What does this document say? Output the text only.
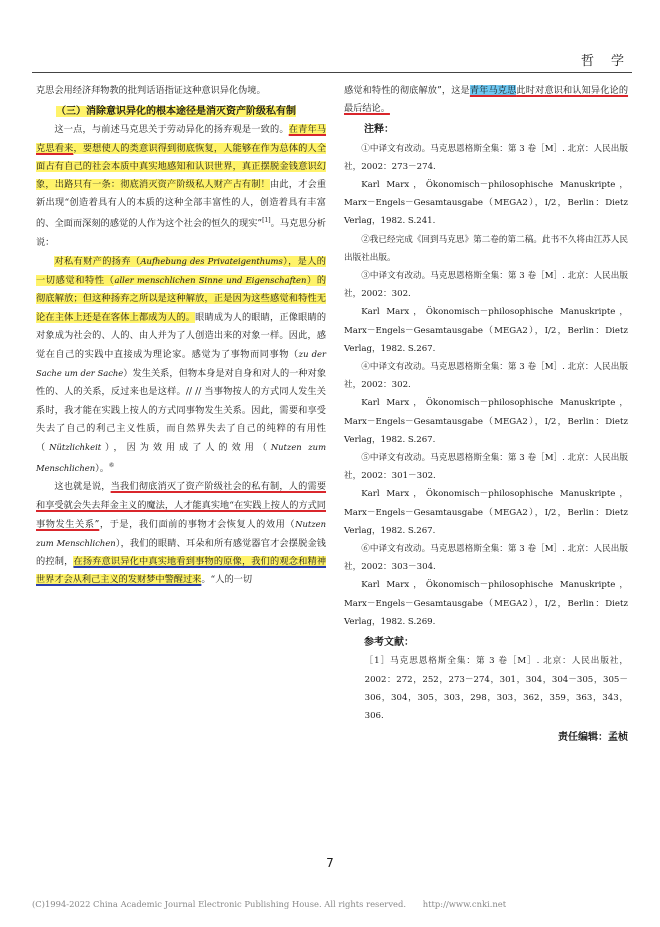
哲　学

克思会用经济拜物教的批判话语指证这种意识异化伪境。

（三）消除意识异化的根本途径是消灭资产阶级私有制

这一点，与前述马克思关于劳动异化的扬弃观是一致的。在青年马克思看来，要想使人的类意识得到彻底恢复，人能够在作为总体的人全面占有自己的社会本质中真实地感知和认识世界，真正摆脱金钱意识幻象，出路只有一条：彻底消灭资产阶级私人财产占有制！由此，才会重新出现“创造着具有人的本质的这种全部丰富性的人，创造着具有丰富的、全面而深刻的感觉的人作为这个社会的恒久的现实”[1]。马克思分析说：

对私有财产的扬弃（Aufhebung des Privateigenthums），是人的一切感觉和特性（aller menschlichen Sinne und Eigenschaften）的彻底解放；但这种扬弃之所以是这种解放，正是因为这些感觉和特性无论在主体上还是在客体上都成为人的。眼睛成为人的眼睛，正像眼睛的对象成为社会的、人的、由人并为了人创造出来的对象一样。因此，感觉在自己的实践中直接成为理论家。感觉为了事物而同事物（zu der Sache um der Sache）发生关系，但物本身是对自身和对人的一种对象性的、人的关系，反过来也是这样。// // 当事物按人的方式同人发生关系时，我才能在实践上按人的方式同事物发生关系。因此，需要和享受失去了自己的利己主义性质，而自然界失去了自己的纯粹的有用性（Nützlichkeit），因为效用成了人的效用（Nutzen zum Menschlichen）。⑥

这也就是说，当我们彻底消灭了资产阶级社会的私有制，人的需要和享受就会失去拜金主义的魔法，人才能真实地“在实践上按人的方式同事物发生关系”，于是，我们面前的事物才会恢复人的效用（Nutzen zum Menschlichen），我们的眼睛、耳朵和所有感觉器官才会摆脱金钱的控制，在扬弃意识异化中真实地看到事物的原像，我们的观念和精神世界才会从利己主义的发财梦中警醒过来。“人的一切

感觉和特性的彻底解放”，这是青年马克思此时对意识和认知异化论的最后结论。

注释：

①中译文有改动。马克思恩格斯全集：第 3 卷［M］. 北京：人民出版社，2002：273－274.

Karl Marx，Ökonomisch－philosophische Manuskripte，Marx－Engels－Gesamtausgabe（MEGA2），I/2，Berlin：Dietz Verlag，1982. S.241.

②我已经完成《回到马克思》第二卷的第二稿。此书不久将由江苏人民出版社出版。

③中译文有改动。马克思恩格斯全集：第 3 卷［M］. 北京：人民出版社，2002：302.

Karl Marx，Ökonomisch－philosophische Manuskripte，Marx－Engels－Gesamtausgabe（MEGA2），I/2，Berlin：Dietz Verlag，1982. S.267.

④中译文有改动。马克思恩格斯全集：第 3 卷［M］. 北京：人民出版社，2002：302.

Karl Marx，Ökonomisch－philosophische Manuskripte，Marx－Engels－Gesamtausgabe（MEGA2），I/2，Berlin：Dietz Verlag，1982. S.267.

⑤中译文有改动。马克思恩格斯全集：第 3 卷［M］. 北京：人民出版社，2002：301－302.

Karl Marx，Ökonomisch－philosophische Manuskripte，Marx－Engels－Gesamtausgabe（MEGA2），I/2，Berlin：Dietz Verlag，1982. S.267.

⑥中译文有改动。马克思恩格斯全集：第 3 卷［M］. 北京：人民出版社，2002：303－304.

Karl Marx，Ökonomisch－philosophische Manuskripte，Marx－Engels－Gesamtausgabe（MEGA2），I/2，Berlin：Dietz Verlag，1982. S.269.

参考文献：

［1］马克思恩格斯全集：第 3 卷［M］. 北京：人民出版社，2002：272，252，273－274，301，304，304－305，305－306，304，305，303，298，303，362，359，363，343，306.

责任编辑：孟桢
7
(C)1994-2022 China Academic Journal Electronic Publishing House. All rights reserved.　　http://www.cnki.net
